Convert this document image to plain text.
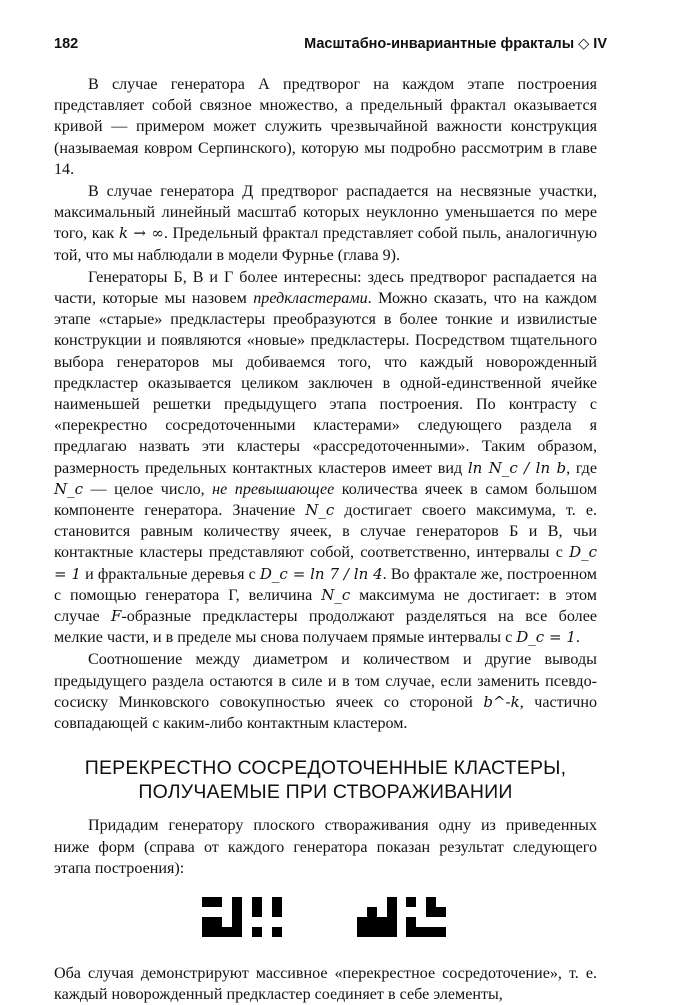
182	Масштабно-инвариантные фракталы ◇ IV

В случае генератора А предтворог на каждом этапе построения представляет собой связное множество, а предельный фрактал оказывается кривой — примером может служить чрезвычайной важности конструкция (называемая ковром Серпинского), которую мы подробно рассмотрим в главе 14.

В случае генератора Д предтворог распадается на несвязные участки, максимальный линейный масштаб которых неуклонно уменьшается по мере того, как k → ∞. Предельный фрактал представляет собой пыль, аналогичную той, что мы наблюдали в модели Фурнье (глава 9).

Генераторы Б, В и Г более интересны: здесь предтворог распадается на части, которые мы назовем предкластерами. Можно сказать, что на каждом этапе «старые» предкластеры преобразуются в более тонкие и извилистые конструкции и появляются «новые» предкластеры. Посредством тщательного выбора генераторов мы добиваемся того, что каждый новорожденный предкластер оказывается целиком заключен в одной-единственной ячейке наименьшей решетки предыдущего этапа построения. По контрасту с «перекрестно сосредоточенными кластерами» следующего раздела я предлагаю назвать эти кластеры «рассредоточенными». Таким образом, размерность предельных контактных кластеров имеет вид ln N_c / ln b, где N_c — целое число, не превышающее количества ячеек в самом большом компоненте генератора. Значение N_c достигает своего максимума, т. е. становится равным количеству ячеек, в случае генераторов Б и В, чьи контактные кластеры представляют собой, соответственно, интервалы с D_c = 1 и фрактальные деревья с D_c = ln 7 / ln 4. Во фрактале же, построенном с помощью генератора Г, величина N_c максимума не достигает: в этом случае F-образные предкластеры продолжают разделяться на все более мелкие части, и в пределе мы снова получаем прямые интервалы с D_c = 1.

Соотношение между диаметром и количеством и другие выводы предыдущего раздела остаются в силе и в том случае, если заменить псевдо-сосиску Минковского совокупностью ячеек со стороной b^-k, частично совпадающей с каким-либо контактным кластером.

ПЕРЕКРЕСТНО СОСРЕДОТОЧЕННЫЕ КЛАСТЕРЫ,
ПОЛУЧАЕМЫЕ ПРИ СТВОРАЖИВАНИИ

Придадим генератору плоского створаживания одну из приведенных ниже форм (справа от каждого генератора показан результат следующего этапа построения):

Оба случая демонстрируют массивное «перекрестное сосредоточение», т. е. каждый новорожденный предкластер соединяет в себе элементы,
